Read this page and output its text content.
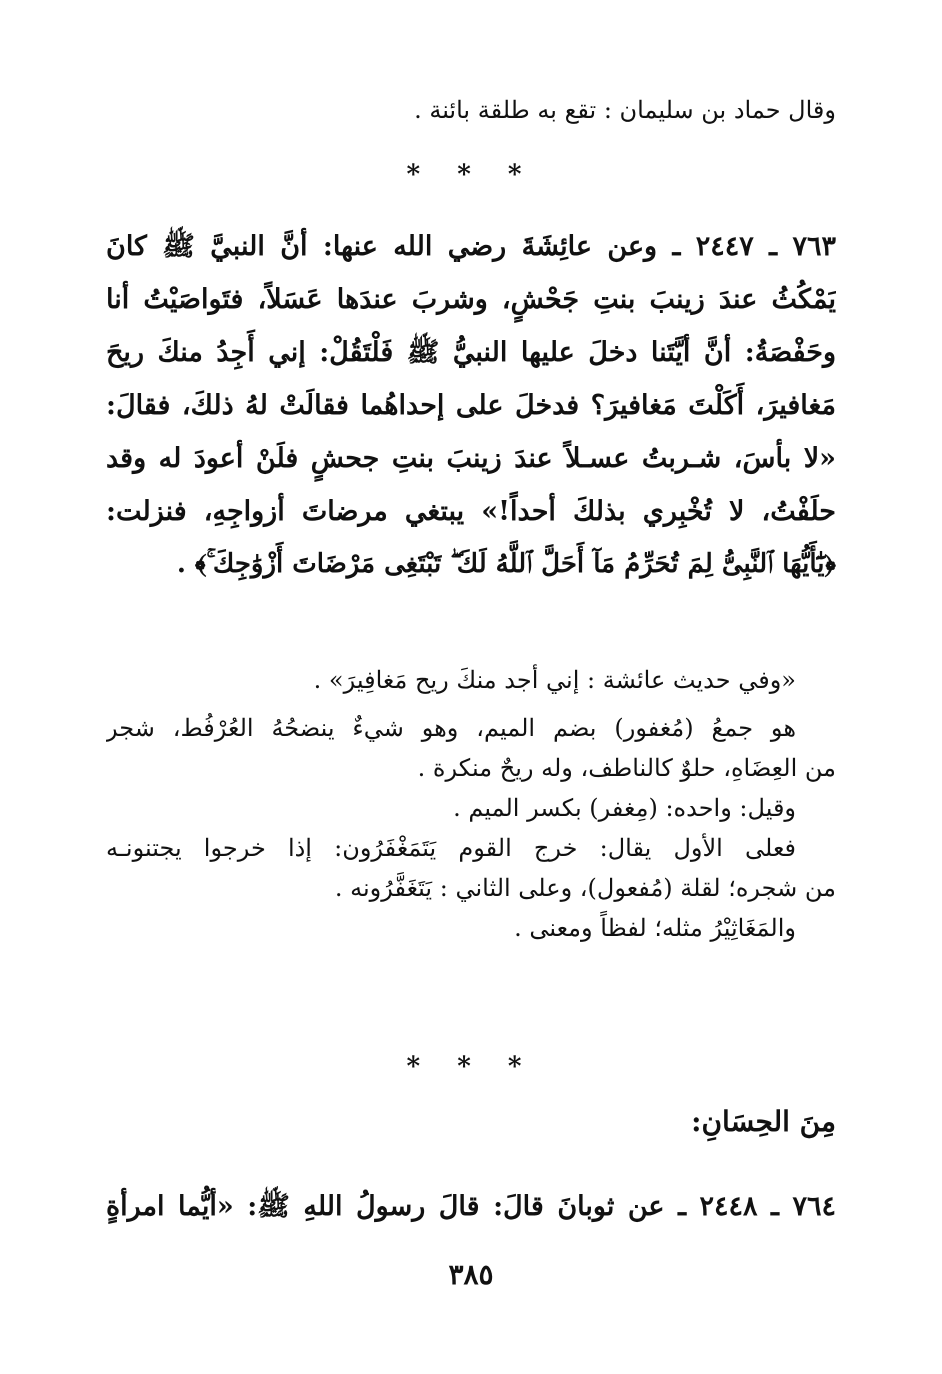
وقال حماد بن سليمان : تقع به طلقة بائنة .
* * *
٧٦٣ ـ ٢٤٤٧ ـ وعن عائِشَةَ رضي الله عنها: أنَّ النبيَّ ﷺ كانَ
يَمْكُثُ عندَ زينبَ بنتِ جَحْشٍ، وشربَ عندَها عَسَلاً، فتَواصَيْتُ أنا
وحَفْصَةُ: أنَّ أيَّتَنا دخلَ عليها النبيُّ ﷺ فَلْتَقُلْ: إني أَجِدُ منكَ ريحَ
مَغافيرَ، أَكَلْتَ مَغافيرَ؟ فدخلَ على إحداهُما فقالَتْ لهُ ذلكَ، فقالَ:
«لا بأسَ، شـربتُ عسـلاً عندَ زينبَ بنتِ جحشٍ فلَنْ أعودَ له وقد
حلَفْتُ، لا تُخْبِري بذلكَ أحداً!» يبتغي مرضاتَ أزواجِهِ، فنزلت:
﴿يَٰٓأَيُّهَا ٱلنَّبِىُّ لِمَ تُحَرِّمُ مَآ أَحَلَّ ٱللَّهُ لَكَ ۖ تَبْتَغِى مَرْضَاتَ أَزْوَٰجِكَ ۚ﴾ .
«وفي حديث عائشة : إني أجد منكَ ريح مَغافِيرَ» .
هو جمعُ (مُغفور) بضم الميم، وهو شيءٌ ينضحُهُ العُرْفُط، شجر
من العِضَاهِ، حلوٌ كالناطف، وله ريحٌ منكرة .
وقيل: واحده: (مِغفر) بكسر الميم .
فعلى الأول يقال: خرج القوم يَتَمَغْفَرُون: إذا خرجوا يجتنونـه
من شجره؛ لقلة (مُفعول)، وعلى الثاني : يَتَغَفَّرُونه .
والمَغَاثِيْرُ مثله؛ لفظاً ومعنى .
* * *
مِنَ الحِسَانِ:
٧٦٤ ـ ٢٤٤٨ ـ عن ثوبانَ قالَ: قالَ رسولُ اللهِ ﷺ: «أيُّما امرأةٍ
٣٨٥
